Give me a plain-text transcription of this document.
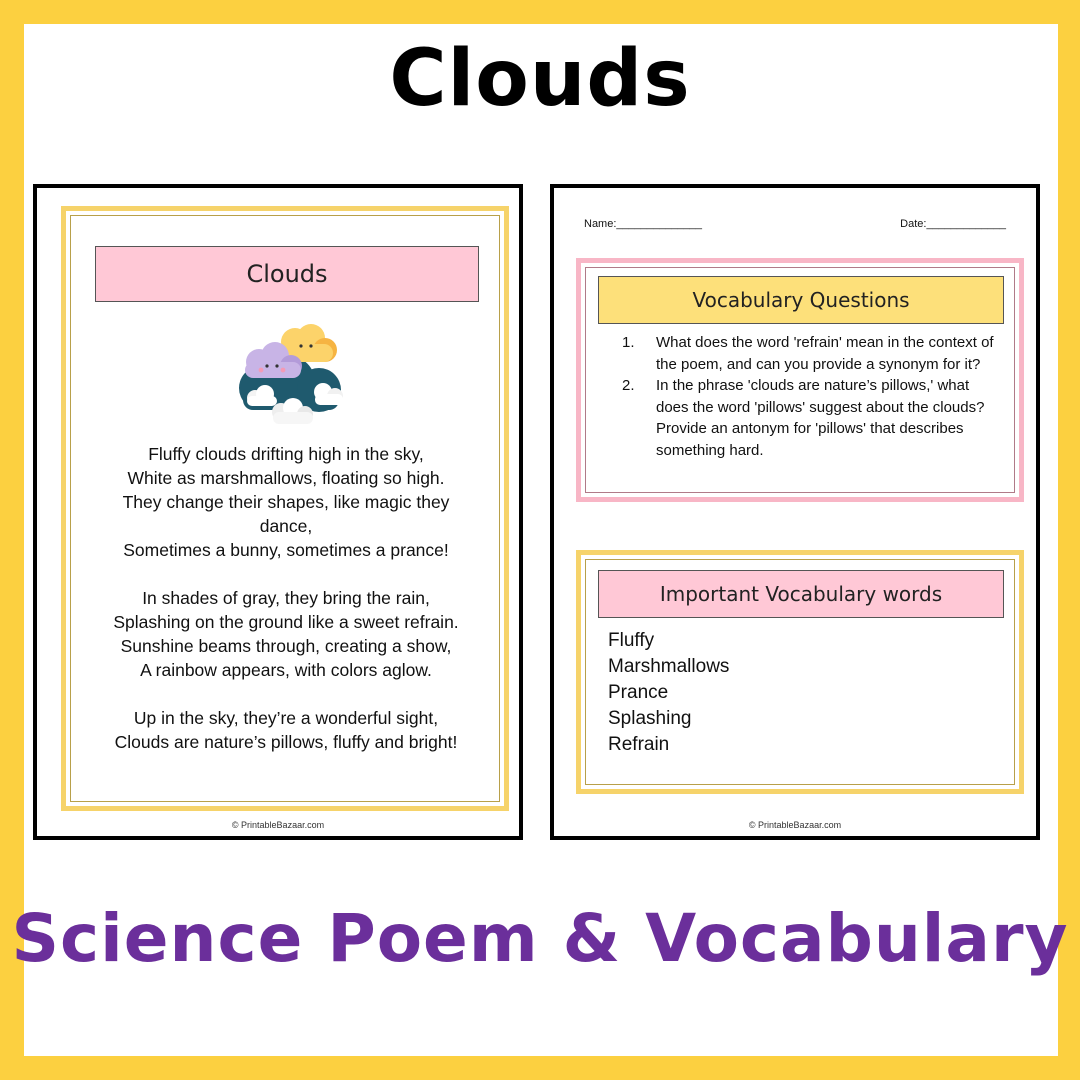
Clouds
Clouds
Fluffy clouds drifting high in the sky,
White as marshmallows, floating so high.
They change their shapes, like magic they dance,
Sometimes a bunny, sometimes a prance!
In shades of gray, they bring the rain,
Splashing on the ground like a sweet refrain.
Sunshine beams through, creating a show,
A rainbow appears, with colors aglow.
Up in the sky, they’re a wonderful sight,
Clouds are nature’s pillows, fluffy and bright!
© PrintableBazaar.com
Name:______________	Date:_____________
Vocabulary Questions
1.	What does the word 'refrain' mean in the context of the poem, and can you provide a synonym for it?
2.	In the phrase 'clouds are nature’s pillows,' what does the word 'pillows' suggest about the clouds? Provide an antonym for 'pillows' that describes something hard.
Important Vocabulary words
Fluffy
Marshmallows
Prance
Splashing
Refrain
© PrintableBazaar.com
Science Poem & Vocabulary
